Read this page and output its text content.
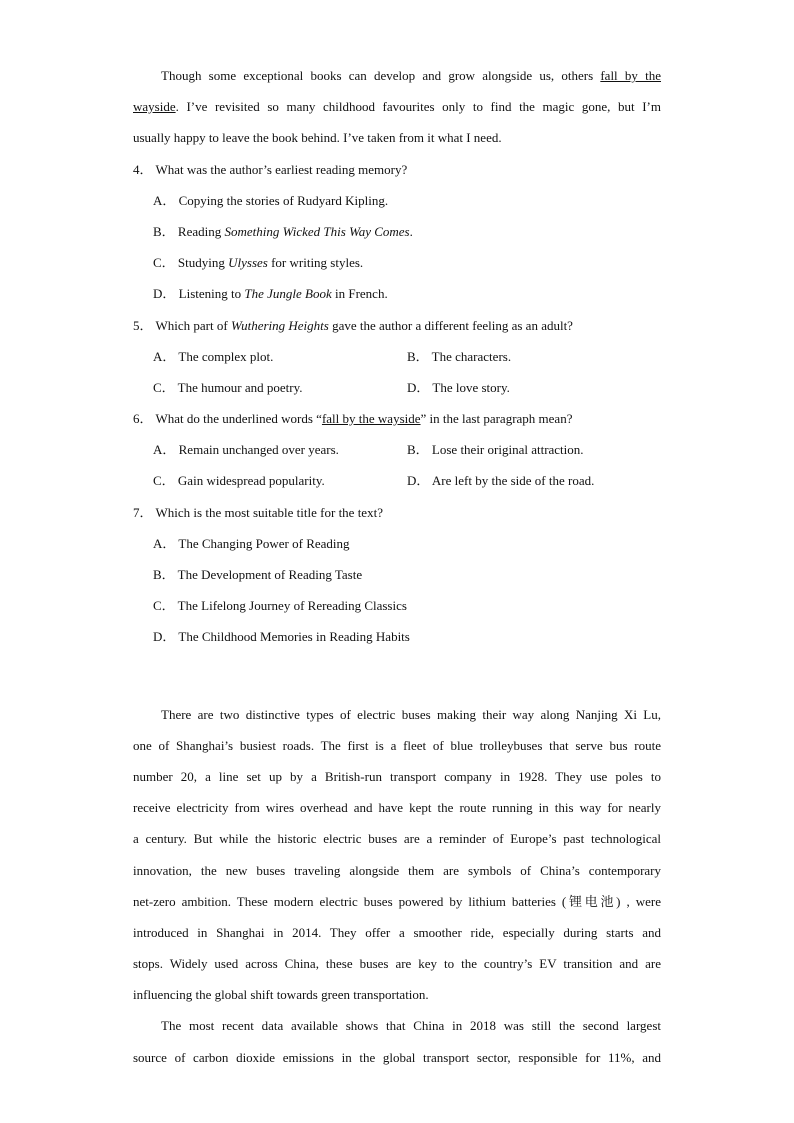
Though some exceptional books can develop and grow alongside us, others fall by the
wayside. I’ve revisited so many childhood favourites only to find the magic gone, but I’m
usually happy to leave the book behind. I’ve taken from it what I need.
4． What was the author’s earliest reading memory?
A． Copying the stories of Rudyard Kipling.
B． Reading Something Wicked This Way Comes.
C． Studying Ulysses for writing styles.
D． Listening to The Jungle Book in French.
5． Which part of Wuthering Heights gave the author a different feeling as an adult?
A． The complex plot.	B． The characters.
C． The humour and poetry.	D． The love story.
6． What do the underlined words “fall by the wayside” in the last paragraph mean?
A． Remain unchanged over years.	B． Lose their original attraction.
C． Gain widespread popularity.	D． Are left by the side of the road.
7． Which is the most suitable title for the text?
A． The Changing Power of Reading
B． The Development of Reading Taste
C． The Lifelong Journey of Rereading Classics
D． The Childhood Memories in Reading Habits
There are two distinctive types of electric buses making their way along Nanjing Xi Lu,
one of Shanghai’s busiest roads. The first is a fleet of blue trolleybuses that serve bus route
number 20, a line set up by a British-run transport company in 1928. They use poles to
receive electricity from wires overhead and have kept the route running in this way for nearly
a century. But while the historic electric buses are a reminder of Europe’s past technological
innovation, the new buses traveling alongside them are symbols of China’s contemporary
net-zero ambition. These modern electric buses powered by lithium batteries (锂电池) , were
introduced in Shanghai in 2014. They offer a smoother ride, especially during starts and
stops. Widely used across China, these buses are key to the country’s EV transition and are
influencing the global shift towards green transportation.
The most recent data available shows that China in 2018 was still the second largest
source of carbon dioxide emissions in the global transport sector, responsible for 11%, and
